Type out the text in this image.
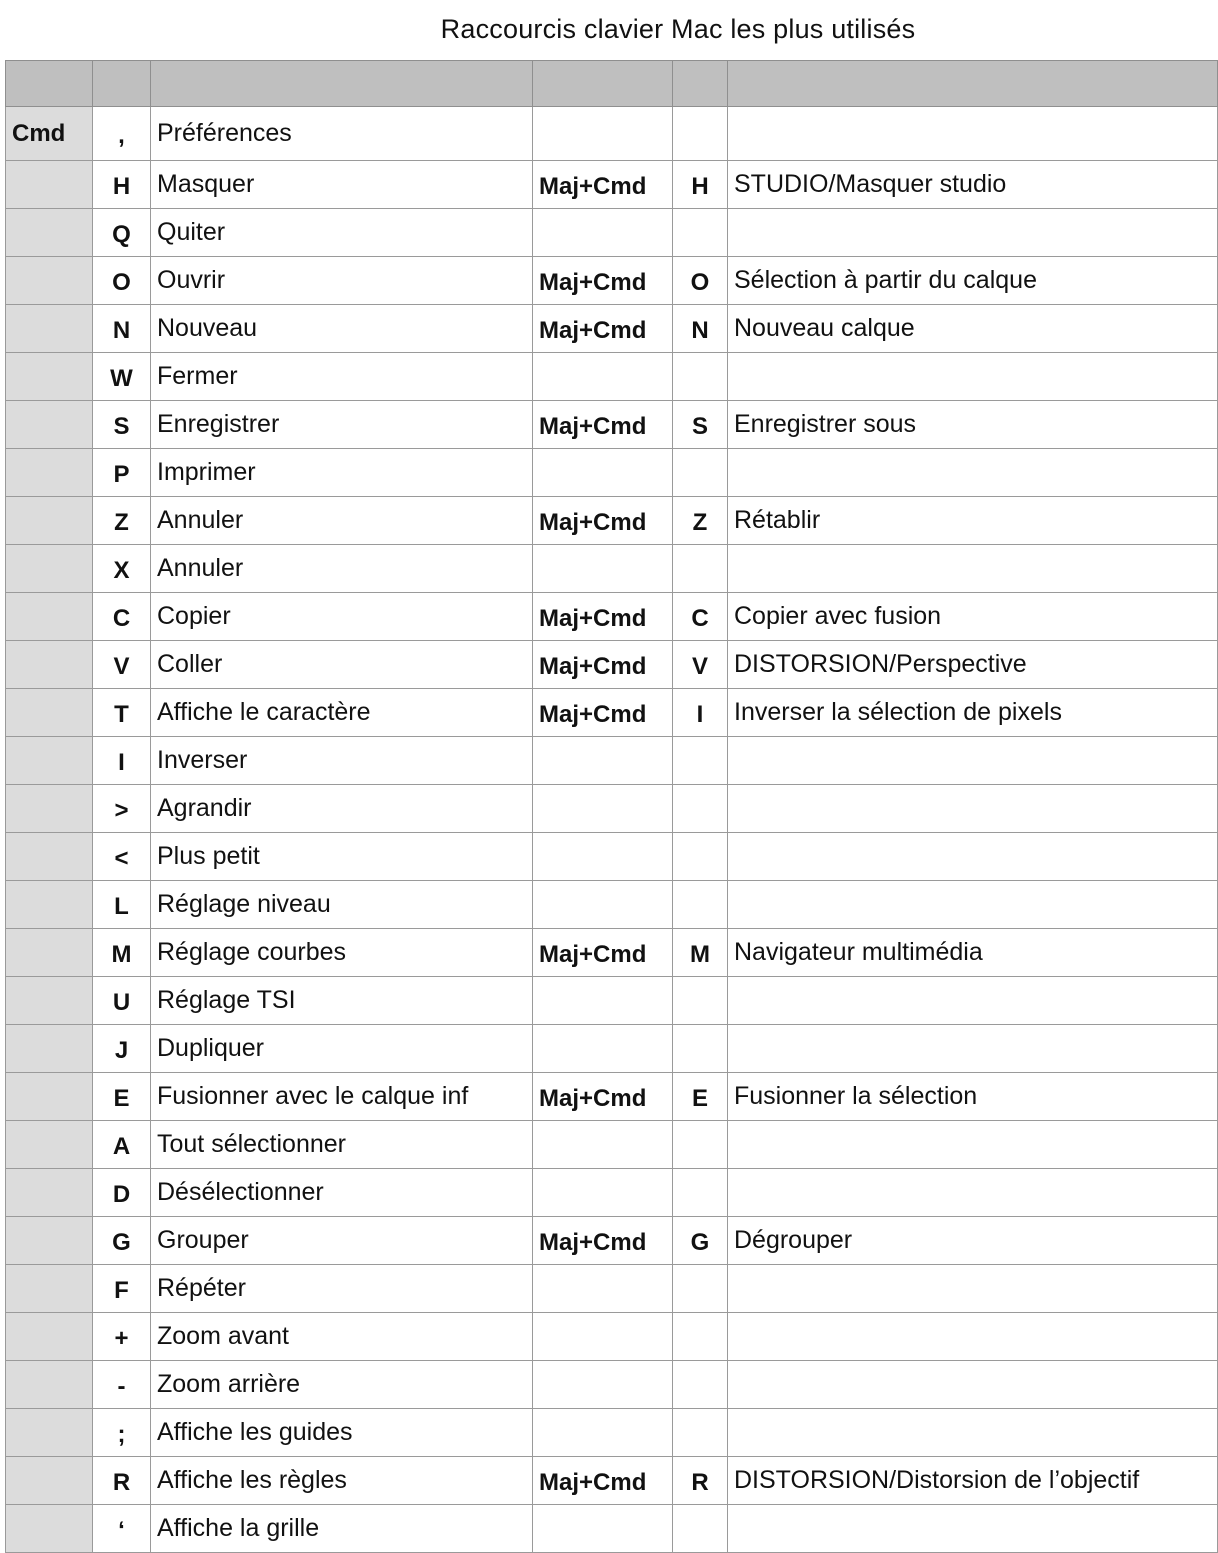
Raccourcis clavier Mac les plus utilisés

Cmd	,	Préférences			
	H	Masquer	Maj+Cmd	H	STUDIO/Masquer studio
	Q	Quiter			
	O	Ouvrir	Maj+Cmd	O	Sélection à partir du calque
	N	Nouveau	Maj+Cmd	N	Nouveau calque
	W	Fermer			
	S	Enregistrer	Maj+Cmd	S	Enregistrer sous
	P	Imprimer			
	Z	Annuler	Maj+Cmd	Z	Rétablir
	X	Annuler			
	C	Copier	Maj+Cmd	C	Copier avec fusion
	V	Coller	Maj+Cmd	V	DISTORSION/Perspective
	T	Affiche le caractère	Maj+Cmd	I	Inverser la sélection de pixels
	I	Inverser			
	>	Agrandir			
	<	Plus petit			
	L	Réglage niveau			
	M	Réglage courbes	Maj+Cmd	M	Navigateur multimédia
	U	Réglage TSI			
	J	Dupliquer			
	E	Fusionner avec le calque inf	Maj+Cmd	E	Fusionner la sélection
	A	Tout sélectionner			
	D	Désélectionner			
	G	Grouper	Maj+Cmd	G	Dégrouper
	F	Répéter			
	+	Zoom avant			
	-	Zoom arrière			
	;	Affiche les guides			
	R	Affiche les règles	Maj+Cmd	R	DISTORSION/Distorsion de l’objectif
	‘	Affiche la grille			
